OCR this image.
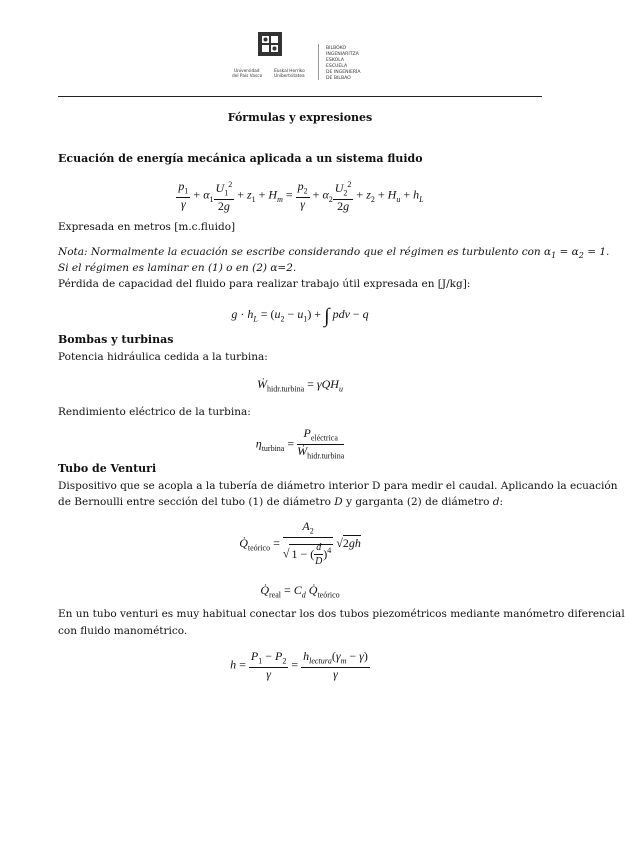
Universidad
del País Vasco
Euskal Herriko
Unibertsitatea
BILBOKO
INGENIARITZA
ESKOLA
ESCUELA
DE INGENIERÍA
DE BILBAO
Fórmulas y expresiones
Ecuación de energía mecánica aplicada a un sistema fluido
$\frac{p_1}{\gamma} + \alpha_1 \frac{U_1^2}{2g} + z_1 + H_m = \frac{p_2}{\gamma} + \alpha_2 \frac{U_2^2}{2g} + z_2 + H_u + h_L$
Expresada en metros [m.c.fluido]
Nota: Normalmente la ecuación se escribe considerando que el régimen es turbulento con $\alpha_1 = \alpha_2 = 1$.
Si el régimen es laminar en (1) o en (2) α=2.
Pérdida de capacidad del fluido para realizar trabajo útil expresada en [J/kg]:
$g \cdot h_L = (u_2 - u_1)$ + ∫ pdv − q
Bombas y turbinas
Potencia hidráulica cedida a la turbina:
Ẇ$_{hidr.turbina}$ = γQH$_u$
Rendimiento eléctrico de la turbina:
$\eta_{turbina} = \frac{P_{eléctrica}}{Ẇ_{hidr.turbina}}$
Tubo de Venturi
Dispositivo que se acopla a la tubería de diámetro interior D para medir el caudal. Aplicando la ecuación
de Bernoulli entre sección del tubo (1) de diámetro D y garganta (2) de diámetro d:
$Q̇_{teórico} = \frac{A_2}{√ 1 - ( \frac{d}{D} )^4} √2gh$
$Q̇_{real} = C_d$ $Q̇_{teórico}$
En un tubo venturi es muy habitual conectar los dos tubos piezométricos mediante manómetro diferencial
con fluido manométrico.
$h = \frac{P_1 - P_2}{\gamma} = \frac{h_{lectura}(\gamma_m - \gamma)}{\gamma}$
